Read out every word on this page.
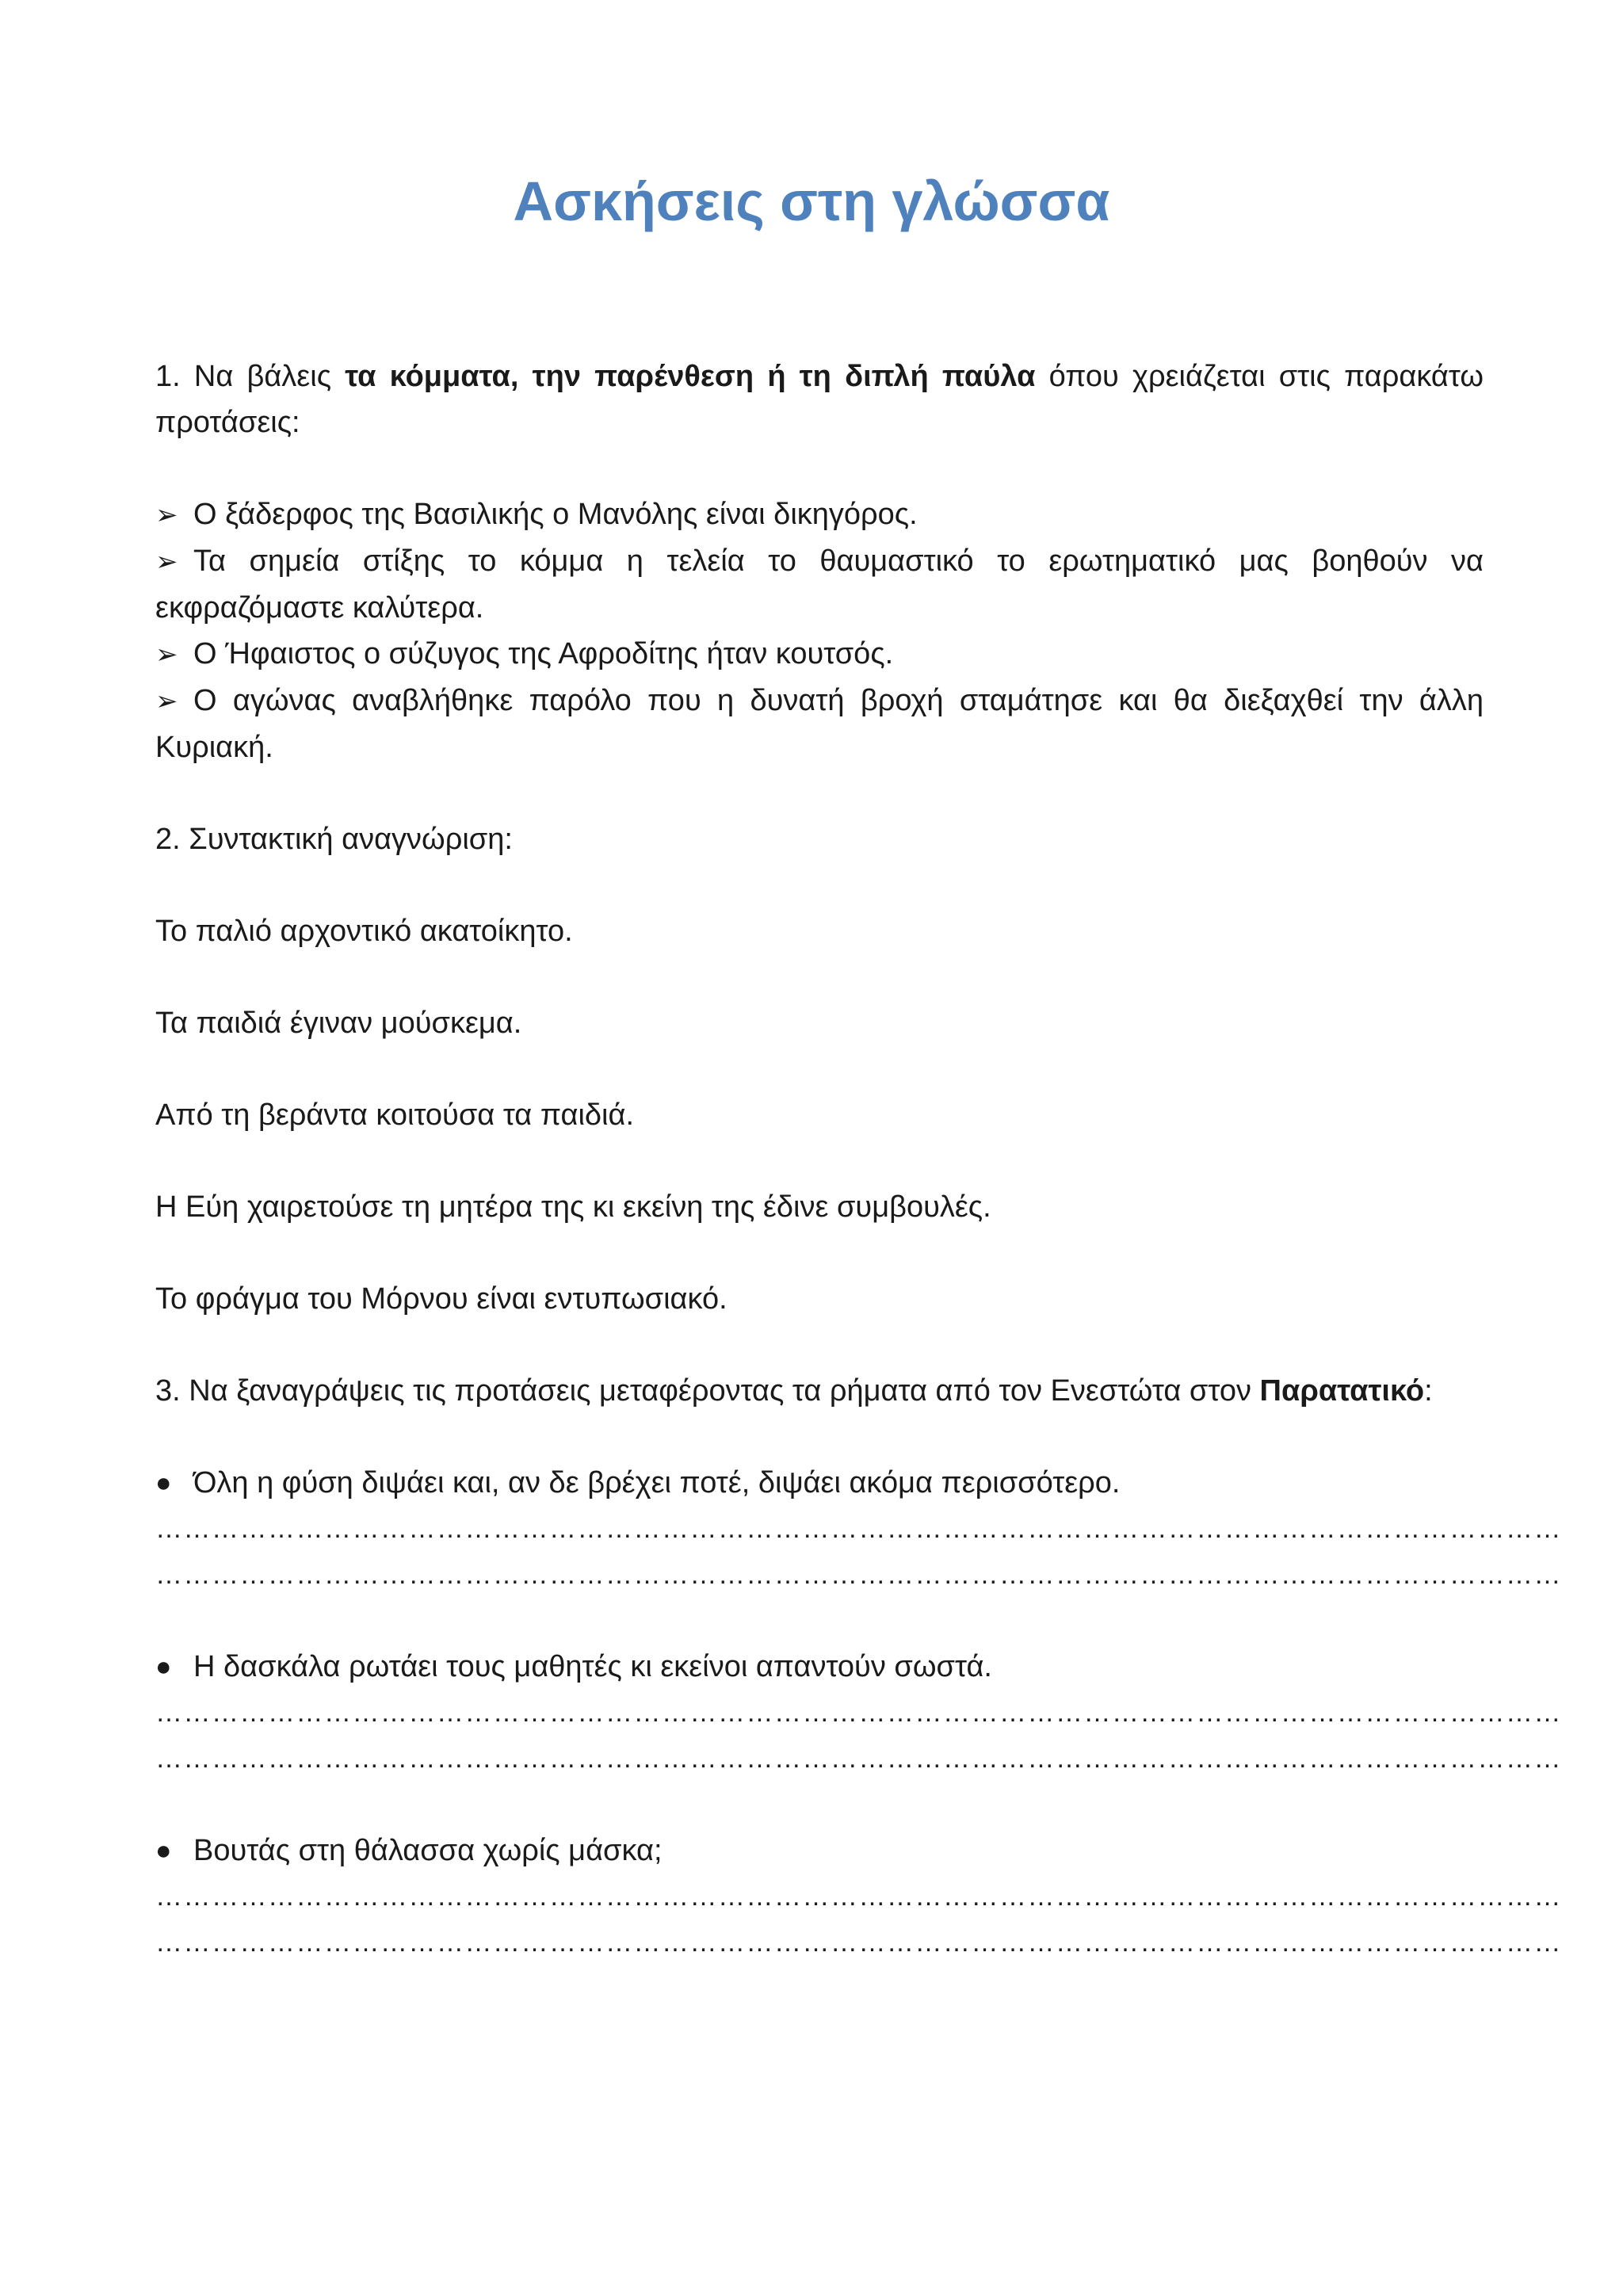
Ασκήσεις στη γλώσσα

1. Να βάλεις τα κόμματα, την παρένθεση ή τη διπλή παύλα όπου χρειάζεται στις παρακάτω προτάσεις:

➢ Ο ξάδερφος της Βασιλικής ο Μανόλης είναι δικηγόρος.
➢ Τα σημεία στίξης το κόμμα η τελεία το θαυμαστικό το ερωτηματικό μας βοηθούν να εκφραζόμαστε καλύτερα.
➢ Ο Ήφαιστος ο σύζυγος της Αφροδίτης ήταν κουτσός.
➢ Ο αγώνας αναβλήθηκε παρόλο που η δυνατή βροχή σταμάτησε και θα διεξαχθεί την άλλη Κυριακή.

2. Συντακτική αναγνώριση:

Το παλιό αρχοντικό ακατοίκητο.

Τα παιδιά έγιναν μούσκεμα.

Από τη βεράντα κοιτούσα τα παιδιά.

Η Εύη χαιρετούσε τη μητέρα της κι εκείνη της έδινε συμβουλές.

Το φράγμα του Μόρνου είναι εντυπωσιακό.

3. Να ξαναγράψεις τις προτάσεις μεταφέροντας τα ρήματα από τον Ενεστώτα στον Παρατατικό:

● Όλη η φύση διψάει και, αν δε βρέχει ποτέ, διψάει ακόμα περισσότερο.
……………………………………………………………………………………………………………………………………
……………………………………………………………………………………………………………………………………
● Η δασκάλα ρωτάει τους μαθητές κι εκείνοι απαντούν σωστά.
……………………………………………………………………………………………………………………………………
……………………………………………………………………………………………………………………………………
● Βουτάς στη θάλασσα χωρίς μάσκα;
……………………………………………………………………………………………………………………………………
……………………………………………………………………………………………………………………………………
